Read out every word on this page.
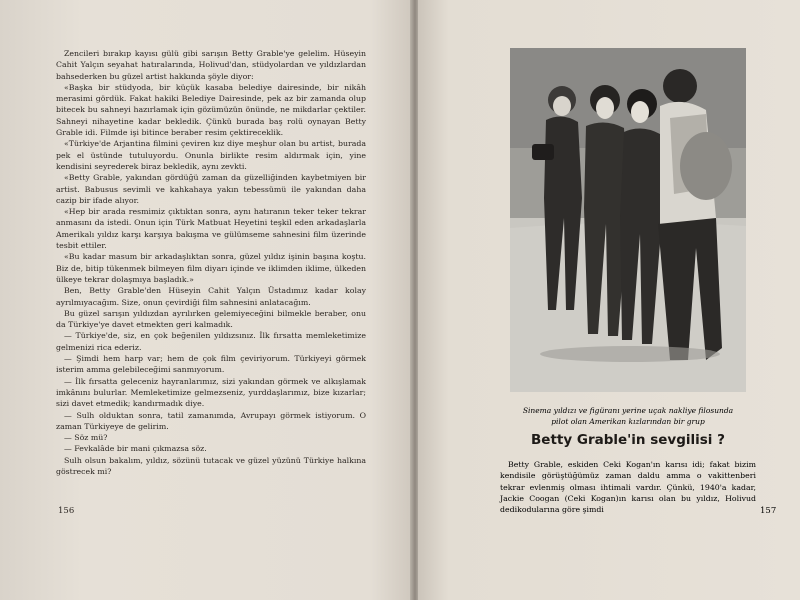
Zencileri bırakıp kayısı gülü gibi sarışın Betty Grable'ye gelelim. Hüseyin Cahit Yalçın seyahat hatıralarında, Holivud'dan, stüdyolardan ve yıldızlardan bahsederken bu güzel artist hakkında şöyle diyor:

«Başka bir stüdyoda, bir küçük kasaba belediye dairesinde, bir nikâh merasimi gördük. Fakat hakiki Belediye Dairesinde, pek az bir zamanda olup bitecek bu sahneyi hazırlamak için gözümüzün önünde, ne mikdarlar çektiler. Sahneyi nihayetine kadar bekledik. Çünkü burada baş rolü oynayan Betty Grable idi. Filmde işi bitince beraber resim çektireceklik.

«Türkiye'de Arjantina filmini çeviren kız diye meşhur olan bu artist, burada pek el üstünde tutuluyordu. Onunla birlikte resim aldırmak için, yine kendisini seyrederek biraz bekledik, aynı zevkti.

«Betty Grable, yakından gördüğü zaman da güzelliğinden kaybetmiyen bir artist. Babusus sevimli ve kahkahaya yakın tebessümü ile yakından daha cazip bir ifade alıyor.

«Hep bir arada resmimiz çıktıktan sonra, aynı hatıranın teker teker tekrar anmasını da istedi. Onun için Türk Matbuat Heyetini teşkil eden arkadaşlarla Amerikalı yıldız karşı karşıya bakışma ve gülümseme sahnesini film üzerinde tesbit ettiler.

«Bu kadar masum bir arkadaşlıktan sonra, güzel yıldız işinin başına koştu. Biz de, bitip tükenmek bilmeyen film diyarı içinde ve iklimden iklime, ülkeden ülkeye tekrar dolaşmıya başladık.»

Ben, Betty Grable'den Hüseyin Cahit Yalçın Üstadımız kadar kolay ayrılmıyacağım. Size, onun çevirdiği film sahnesini anlatacağım.

Bu güzel sarışın yıldızdan ayrılırken gelemiyeceğini bilmekle beraber, onu da Türkiye'ye davet etmekten geri kalmadık.

— Türkiye'de, siz, en çok beğenilen yıldızsınız. İlk fırsatta memleketimize gelmenizi rica ederiz.

— Şimdi hem harp var; hem de çok film çeviriyorum. Türkiyeyi görmek isterim amma gelebileceğimi sanmıyorum.

— İlk fırsatta geleceniz hayranlarımız, sizi yakından görmek ve alkışlamak imkânını bulurlar. Memleketimize gelmezseniz, yurddaşlarımız, bize kızarlar; sizi davet etmedik; kandırmadık diye.

— Sulh olduktan sonra, tatil zamanımda, Avrupayı görmek istiyorum. O zaman Türkiyeye de gelirim.

— Söz mü?

— Fevkalâde bir mani çıkmazsa söz.

Sulh olsun bakalım, yıldız, sözünü tutacak ve güzel yüzünü Türkiye halkına göstrecek mi?

156
Sinema yıldızı ve figüranı yerine uçak nakliye filosunda pilot olan Amerikan kızlarından bir grup
Betty Grable'in sevgilisi ?

Betty Grable, eskiden Ceki Kogan'ın karısı idi; fakat bizim kendisile görüştüğümüz zaman daldu amma o vakittenberi tekrar evlenmiş olması ihtimali vardır. Çünkü, 1940'a kadar, Jackie Coogan (Ceki Kogan)ın karısı olan bu yıldız, Holivud dedikodularına göre şimdi	157
